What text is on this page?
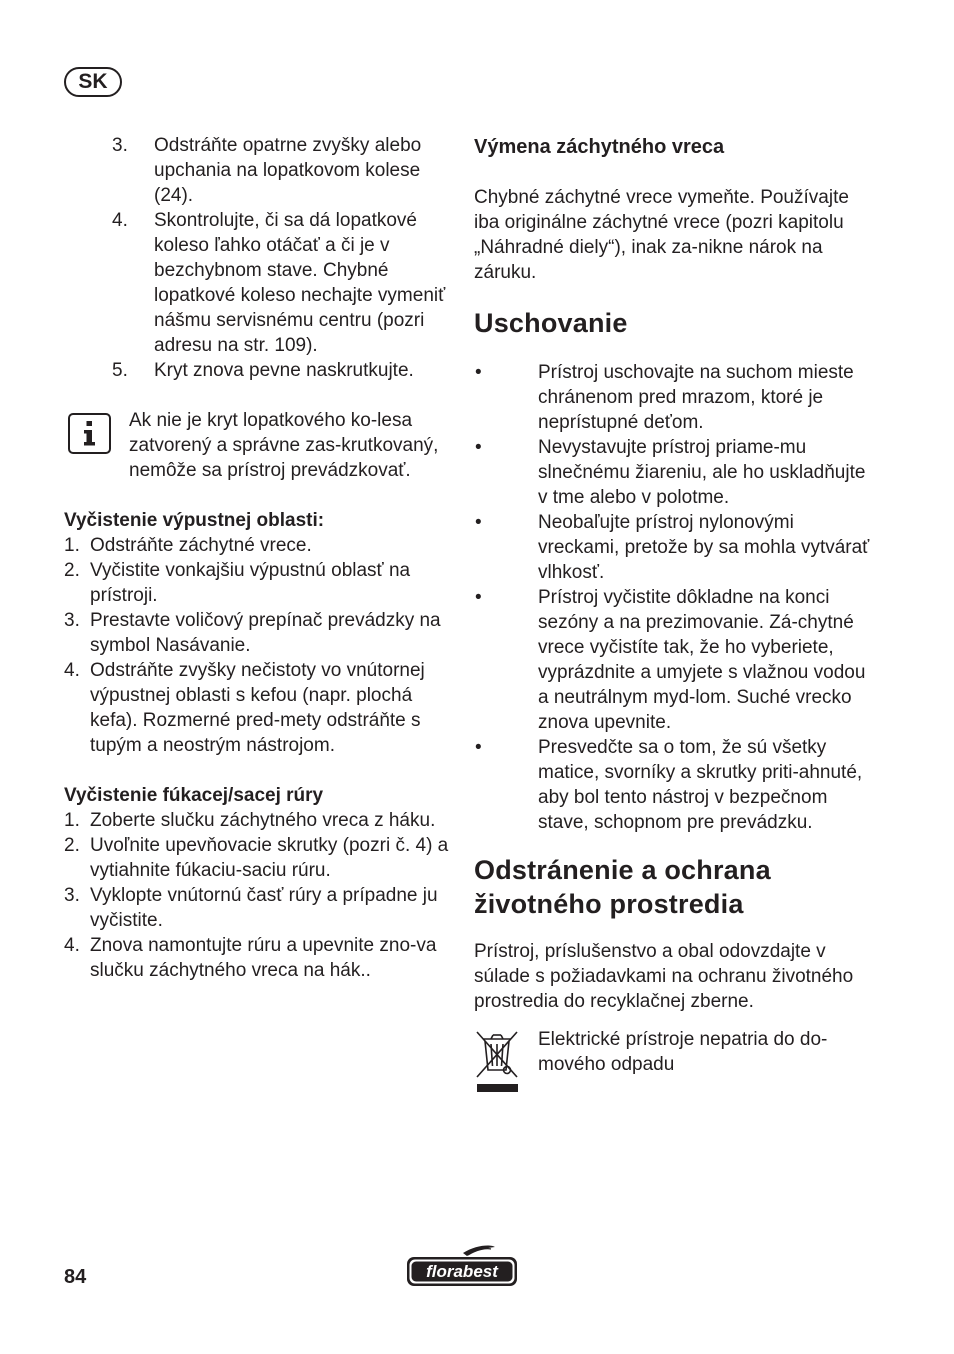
SK
3. Odstráňte opatrne zvyšky alebo upchania na lopatkovom kolese (24).
4. Skontrolujte, či sa dá lopatkové koleso ľahko otáčať a či je v bezchybnom stave. Chybné lopatkové koleso nechajte vymeniť nášmu servisnému centru (pozri adresu na str. 109).
5. Kryt znova pevne naskrutkujte.

Ak nie je kryt lopatkového ko-lesa zatvorený a správne zas-krutkovaný, nemôže sa prístroj prevádzkovať.

Vyčistenie výpustnej oblasti:

1. Odstráňte záchytné vrece.
2. Vyčistite vonkajšiu výpustnú oblasť na prístroji.
3. Prestavte voličový prepínač prevádzky na symbol Nasávanie.
4. Odstráňte zvyšky nečistoty vo vnútornej výpustnej oblasti s kefou (napr. plochá kefa). Rozmerné pred-mety odstráňte s tupým a neostrým nástrojom.

Vyčistenie fúkacej/sacej rúry

1. Zoberte slučku záchytného vreca z háku.
2. Uvoľnite upevňovacie skrutky (pozri č. 4) a vytiahnite fúkaciu-saciu rúru.
3. Vyklopte vnútornú časť rúry a prípadne ju vyčistite.
4. Znova namontujte rúru a upevnite zno-va slučku záchytného vreca na hák..
Výmena záchytného vreca

Chybné záchytné vrece vymeňte. Používajte iba originálne záchytné vrece (pozri kapitolu „Náhradné diely“), inak za-nikne nárok na záruku.

Uschovanie
•	Prístroj uschovajte na suchom mieste chránenom pred mrazom, ktoré je neprístupné deťom.
•	Nevystavujte prístroj priame-mu slnečnému žiareniu, ale ho uskladňujte v tme alebo v polotme.
•	Neobaľujte prístroj nylonovými vreckami, pretože by sa mohla vytvárať vlhkosť.
•	Prístroj vyčistite dôkladne na konci sezóny a na prezimovanie. Zá-chytné vrece vyčistíte tak, že ho vyberiete, vyprázdnite a umyjete s vlažnou vodou a neutrálnym myd-lom. Suché vrecko znova upevnite.
•	Presvedčte sa o tom, že sú všetky matice, svorníky a skrutky priti-ahnuté, aby bol tento nástroj v bezpečnom stave, schopnom pre prevádzku.
Odstránenie a ochrana životného prostredia

Prístroj, príslušenstvo a obal odovzdajte v súlade s požiadavkami na ochranu životného prostredia do recyklačnej zberne.

Elektrické prístroje nepatria do do-mového odpadu

84	florabest
